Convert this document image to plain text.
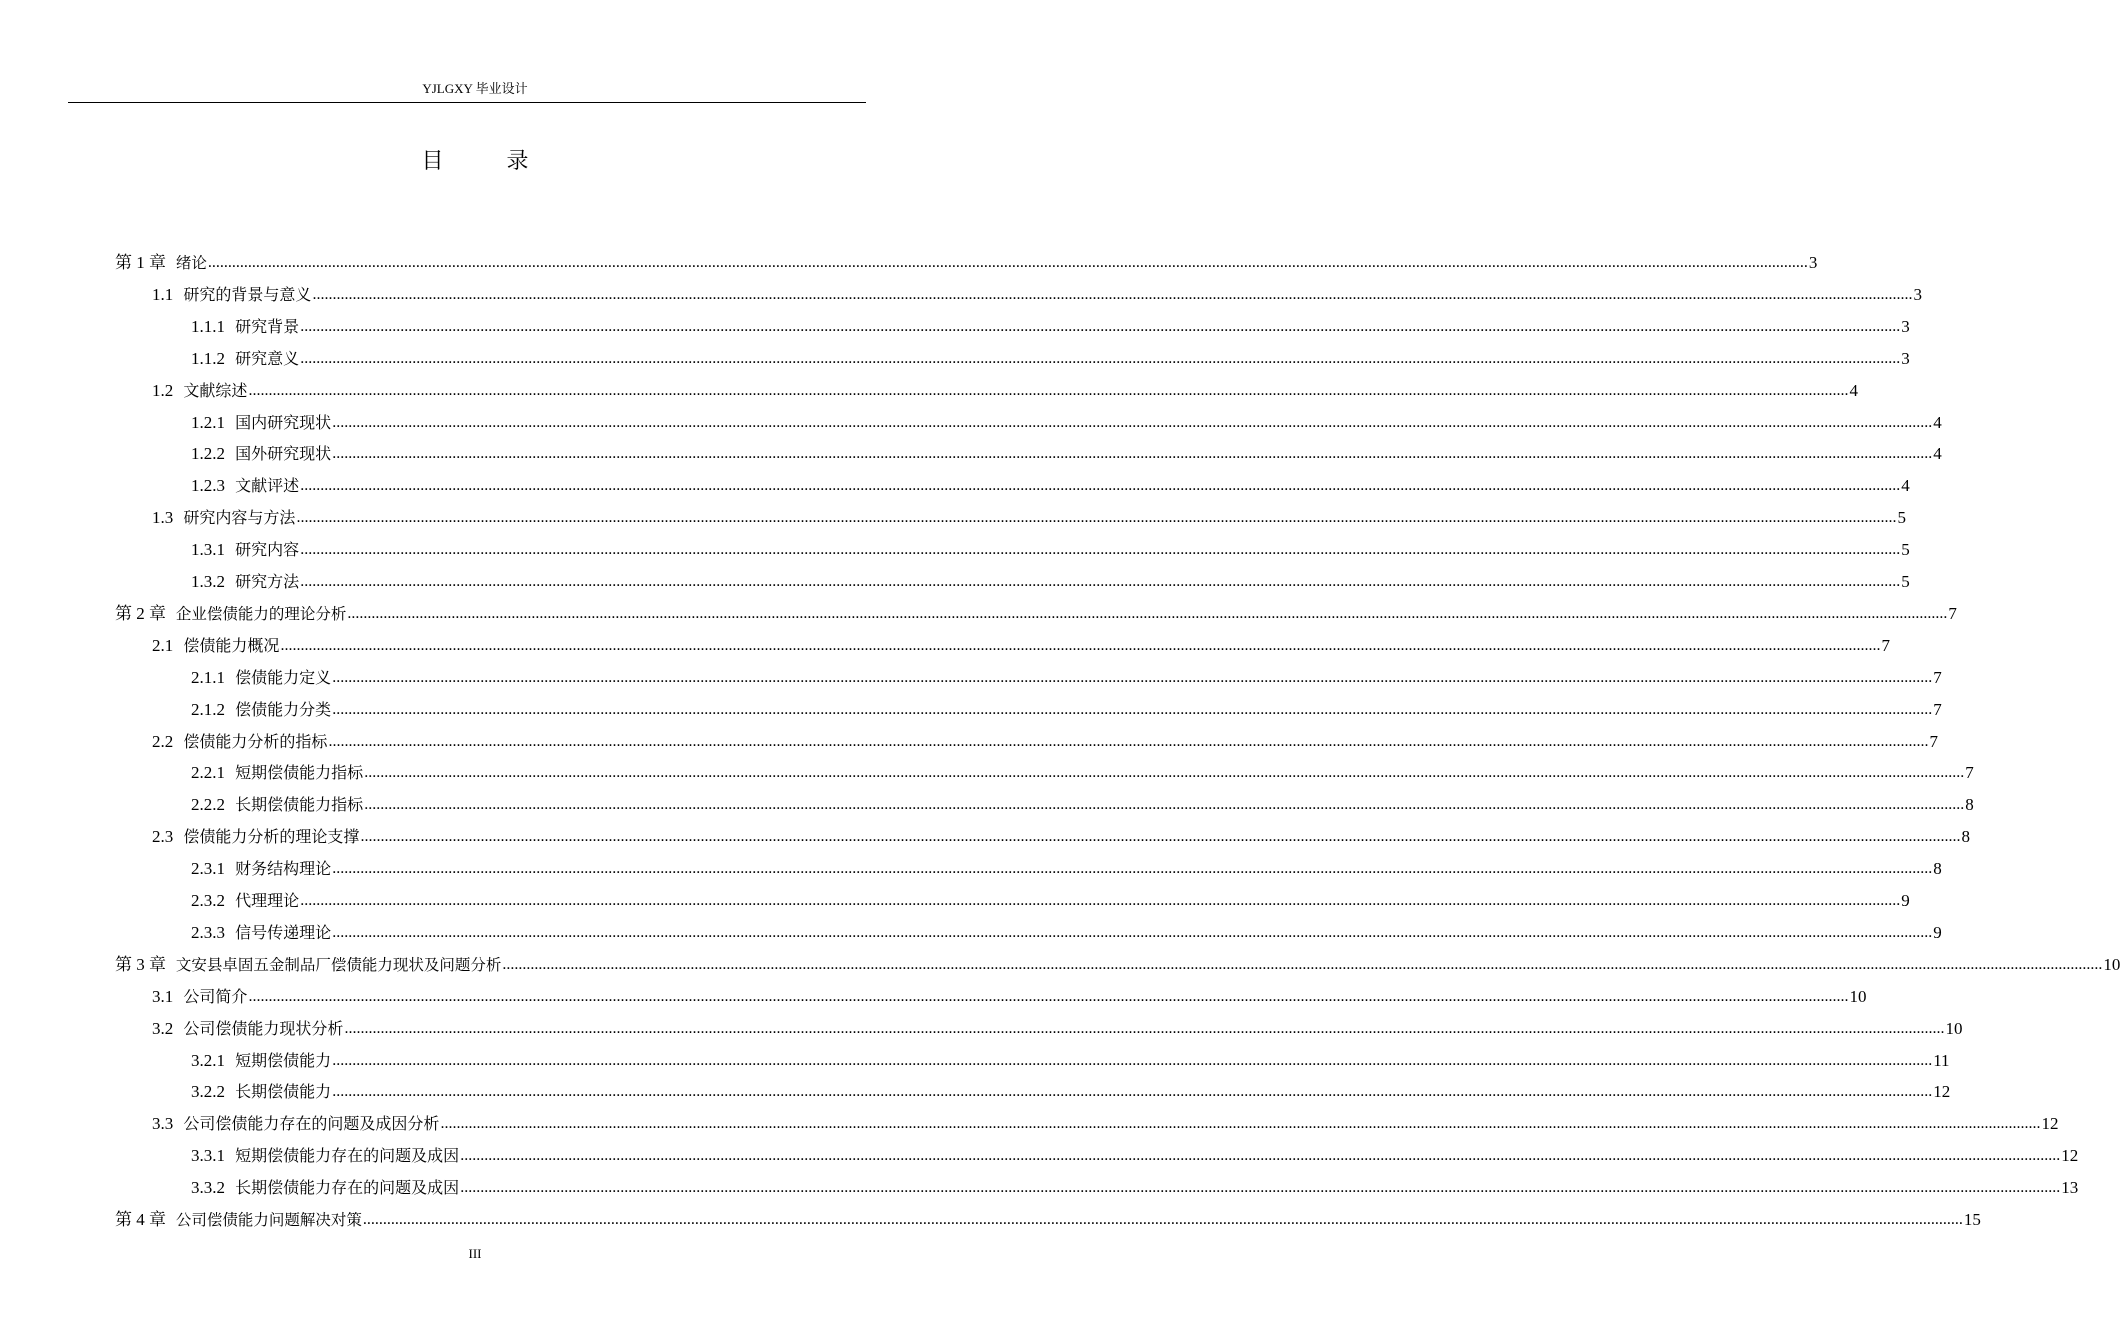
YJLGXY 毕业设计
目 录
第 1 章 绪论 ................................................................................................................................................................................................................................................................................................................................................................................................................ 3
1.1 研究的背景与意义 ................................................................................................................................................................................................................................................................................................................................................................................................................ 3
1.1.1 研究背景 ................................................................................................................................................................................................................................................................................................................................................................................................................ 3
1.1.2 研究意义 ................................................................................................................................................................................................................................................................................................................................................................................................................ 3
1.2 文献综述 ................................................................................................................................................................................................................................................................................................................................................................................................................ 4
1.2.1 国内研究现状 ................................................................................................................................................................................................................................................................................................................................................................................................................ 4
1.2.2 国外研究现状 ................................................................................................................................................................................................................................................................................................................................................................................................................ 4
1.2.3 文献评述 ................................................................................................................................................................................................................................................................................................................................................................................................................ 4
1.3 研究内容与方法 ................................................................................................................................................................................................................................................................................................................................................................................................................ 5
1.3.1 研究内容 ................................................................................................................................................................................................................................................................................................................................................................................................................ 5
1.3.2 研究方法 ................................................................................................................................................................................................................................................................................................................................................................................................................ 5
第 2 章 企业偿债能力的理论分析 ................................................................................................................................................................................................................................................................................................................................................................................................................ 7
2.1 偿债能力概况 ................................................................................................................................................................................................................................................................................................................................................................................................................ 7
2.1.1 偿债能力定义 ................................................................................................................................................................................................................................................................................................................................................................................................................ 7
2.1.2 偿债能力分类 ................................................................................................................................................................................................................................................................................................................................................................................................................ 7
2.2 偿债能力分析的指标 ................................................................................................................................................................................................................................................................................................................................................................................................................ 7
2.2.1 短期偿债能力指标 ................................................................................................................................................................................................................................................................................................................................................................................................................ 7
2.2.2 长期偿债能力指标 ................................................................................................................................................................................................................................................................................................................................................................................................................ 8
2.3 偿债能力分析的理论支撑 ................................................................................................................................................................................................................................................................................................................................................................................................................ 8
2.3.1 财务结构理论 ................................................................................................................................................................................................................................................................................................................................................................................................................ 8
2.3.2 代理理论 ................................................................................................................................................................................................................................................................................................................................................................................................................ 9
2.3.3 信号传递理论 ................................................................................................................................................................................................................................................................................................................................................................................................................ 9
第 3 章 文安县卓固五金制品厂偿债能力现状及问题分析 ................................................................................................................................................................................................................................................................................................................................................................................................................ 10
3.1 公司简介 ................................................................................................................................................................................................................................................................................................................................................................................................................ 10
3.2 公司偿债能力现状分析 ................................................................................................................................................................................................................................................................................................................................................................................................................ 10
3.2.1 短期偿债能力 ................................................................................................................................................................................................................................................................................................................................................................................................................ 11
3.2.2 长期偿债能力 ................................................................................................................................................................................................................................................................................................................................................................................................................ 12
3.3 公司偿债能力存在的问题及成因分析 ................................................................................................................................................................................................................................................................................................................................................................................................................ 12
3.3.1 短期偿债能力存在的问题及成因 ................................................................................................................................................................................................................................................................................................................................................................................................................ 12
3.3.2 长期偿债能力存在的问题及成因 ................................................................................................................................................................................................................................................................................................................................................................................................................ 13
第 4 章 公司偿债能力问题解决对策 ................................................................................................................................................................................................................................................................................................................................................................................................................ 15
III
